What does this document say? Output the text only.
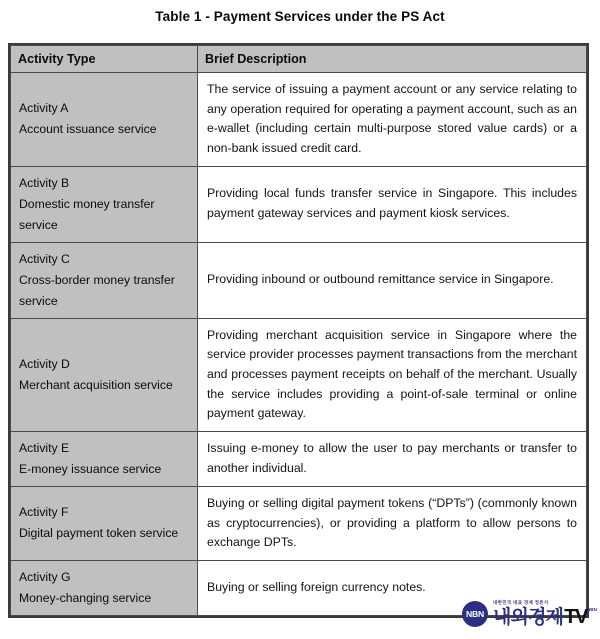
Table 1 - Payment Services under the PS Act
Activity Type	Brief Description

Activity A
Account issuance service	The service of issuing a payment account or any service relating to any operation required for operating a payment account, such as an e-wallet (including certain multi-purpose stored value cards) or a non-bank issued credit card.

Activity B
Domestic money transfer service	Providing local funds transfer service in Singapore. This includes payment gateway services and payment kiosk services.

Activity C
Cross-border money transfer service	Providing inbound or outbound remittance service in Singapore.

Activity D
Merchant acquisition service	Providing merchant acquisition service in Singapore where the service provider processes payment transactions from the merchant and processes payment receipts on behalf of the merchant. Usually the service includes providing a point-of-sale terminal or online payment gateway.

Activity E
E-money issuance service	Issuing e-money to allow the user to pay merchants or transfer to another individual.

Activity F
Digital payment token service	Buying or selling digital payment tokens (“DPTs”) (commonly known as cryptocurrencies), or providing a platform to allow persons to exchange DPTs.

Activity G
Money-changing service	Buying or selling foreign currency notes.
NBN
대한민국 대표 경제 정론지
내외경제 TV NBN
